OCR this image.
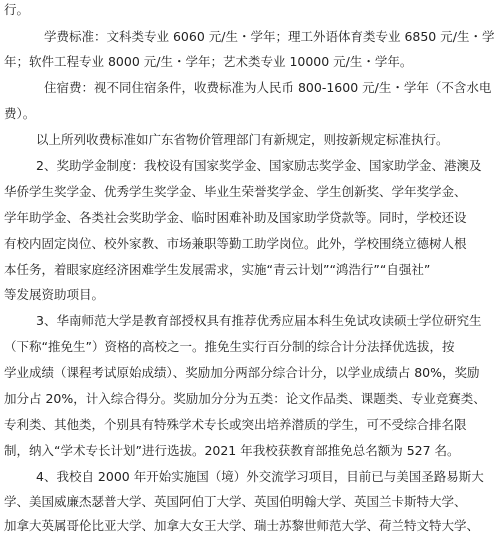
行。
学费标准：文科类专业 6060 元/生・学年；理工外语体育类专业 6850 元/生・学
年；软件工程专业 8000 元/生・学年；艺术类专业 10000 元/生・学年。
住宿费：视不同住宿条件，收费标准为人民币 800-1600 元/生・学年（不含水电
费）。
以上所列收费标准如广东省物价管理部门有新规定，则按新规定标准执行。
2、奖助学金制度：我校设有国家奖学金、国家励志奖学金、国家助学金、港澳及
华侨学生奖学金、优秀学生奖学金、毕业生荣誉奖学金、学生创新奖、学年奖学金、
学年助学金、各类社会奖助学金、临时困难补助及国家助学贷款等。同时，学校还设
有校内固定岗位、校外家教、市场兼职等勤工助学岗位。此外，学校围绕立德树人根
本任务，着眼家庭经济困难学生发展需求，实施“青云计划”“鸿浩行”“自强社”
等发展资助项目。
3、华南师范大学是教育部授权具有推荐优秀应届本科生免试攻读硕士学位研究生
（下称“推免生”）资格的高校之一。推免生实行百分制的综合计分法择优选拔，按
学业成绩（课程考试原始成绩）、奖励加分两部分综合计分，以学业成绩占 80%，奖励
加分占 20%，计入综合得分。奖励加分分为五类：论文作品类、课题类、专业竞赛类、
专利类、其他类，个别具有特殊学术专长或突出培养潜质的学生，可不受综合排名限
制，纳入“学术专长计划”进行选拔。2021 年我校获教育部推免总名额为 527 名。
4、我校自 2000 年开始实施国（境）外交流学习项目，目前已与美国圣路易斯大
学、美国威廉杰瑟普大学、英国阿伯丁大学、英国伯明翰大学、英国兰卡斯特大学、
加拿大英属哥伦比亚大学、加拿大女王大学、瑞士苏黎世师范大学、荷兰特文特大学、
